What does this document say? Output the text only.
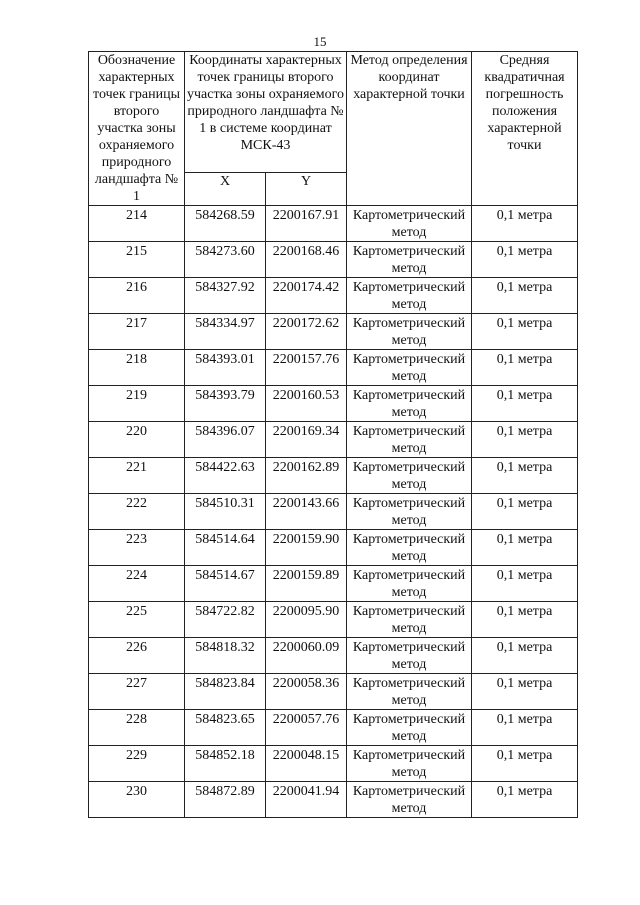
15
Обозначение характерных точек границы второго участка зоны охраняемого природного ландшафта № 1	Координаты характерных точек границы второго участка зоны охраняемого природного ландшафта № 1 в системе координат МСК-43		Метод определения координат характерной точки	Средняя квадратичная погрешность положения характерной точки
	X	Y		
214	584268.59	2200167.91	Картометрический метод	0,1 метра
215	584273.60	2200168.46	Картометрический метод	0,1 метра
216	584327.92	2200174.42	Картометрический метод	0,1 метра
217	584334.97	2200172.62	Картометрический метод	0,1 метра
218	584393.01	2200157.76	Картометрический метод	0,1 метра
219	584393.79	2200160.53	Картометрический метод	0,1 метра
220	584396.07	2200169.34	Картометрический метод	0,1 метра
221	584422.63	2200162.89	Картометрический метод	0,1 метра
222	584510.31	2200143.66	Картометрический метод	0,1 метра
223	584514.64	2200159.90	Картометрический метод	0,1 метра
224	584514.67	2200159.89	Картометрический метод	0,1 метра
225	584722.82	2200095.90	Картометрический метод	0,1 метра
226	584818.32	2200060.09	Картометрический метод	0,1 метра
227	584823.84	2200058.36	Картометрический метод	0,1 метра
228	584823.65	2200057.76	Картометрический метод	0,1 метра
229	584852.18	2200048.15	Картометрический метод	0,1 метра
230	584872.89	2200041.94	Картометрический метод	0,1 метра
